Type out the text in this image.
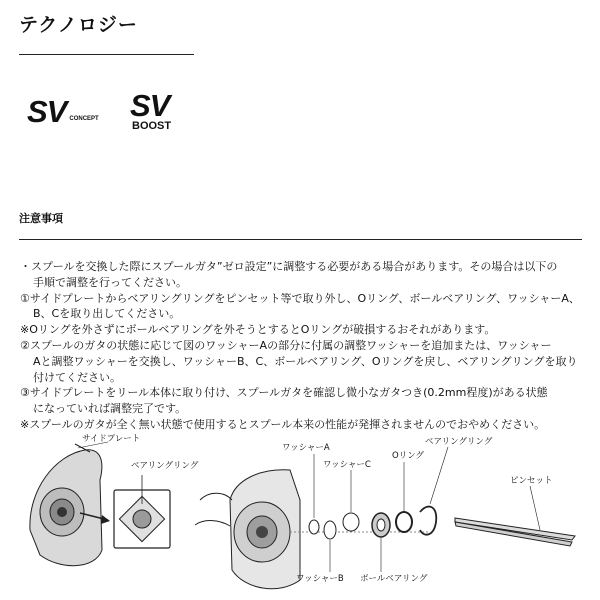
テクノロジー
SV CONCEPT SV
BOOST
注意事項
・スプールを交換した際にスプールガタ”ゼロ設定”に調整する必要がある場合があります。その場合は以下の
手順で調整を行ってください。
①サイドプレートからベアリングリングをピンセット等で取り外し、Oリング、ボールベアリング、ワッシャーA、
B、Cを取り出してください。
※Oリングを外さずにボールベアリングを外そうとするとOリングが破損するおそれがあります。
②スプールのガタの状態に応じて図のワッシャーAの部分に付属の調整ワッシャーを追加または、ワッシャー
Aと調整ワッシャーを交換し、ワッシャーB、C、ボールベアリング、Oリングを戻し、ベアリングリングを取り
付けてください。
③サイドプレートをリール本体に取り付け、スプールガタを確認し微小なガタつき(0.2mm程度)がある状態
になっていれば調整完了です。
※スプールのガタが全く無い状態で使用するとスプール本来の性能が発揮されませんのでおやめください。
サイドプレート
ベアリングリング
ワッシャーA
ワッシャーC
Oリング
ベアリングリング
ピンセット
ワッシャーB ボールベアリング
